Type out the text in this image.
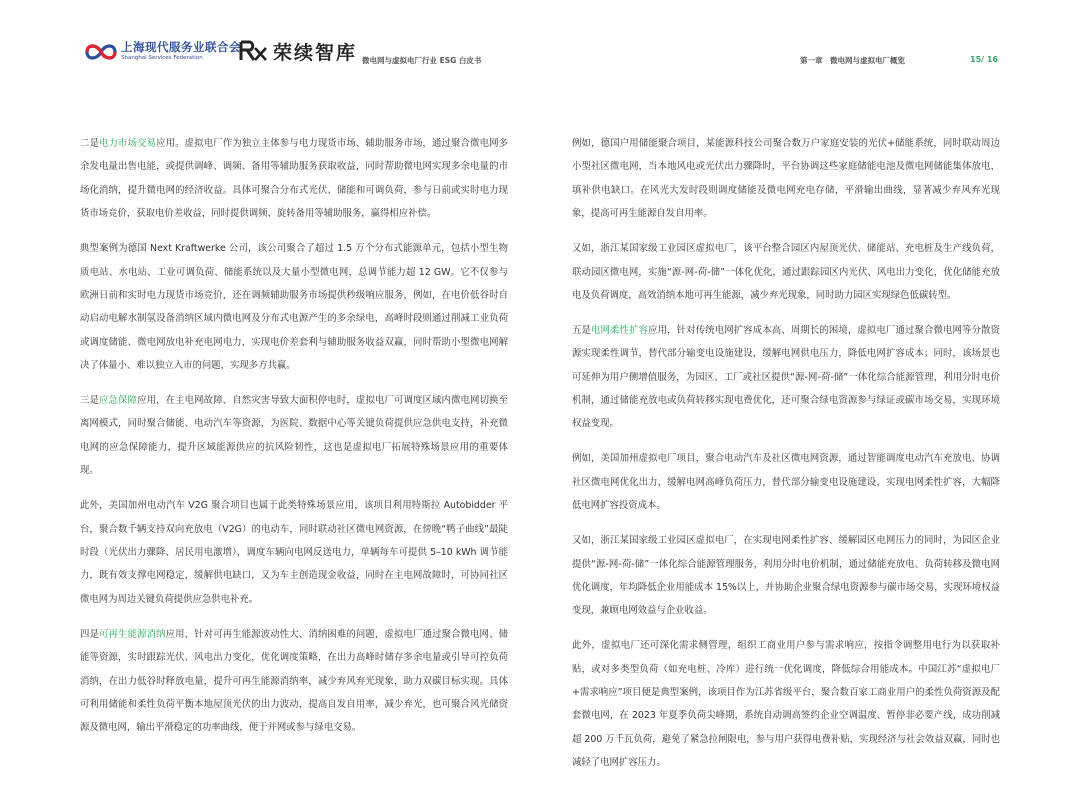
上海现代服务业联合会
Shanghai Services Federation	荣续智库 微电网与虚拟电厂行业 ESG 白皮书	第一章　微电网与虚拟电厂概览	15/ 16

二是电力市场交易应用。虚拟电厂作为独立主体参与电力现货市场、辅助服务市场，通过聚合微电网多余发电量出售电能，或提供调峰、调频、备用等辅助服务获取收益，同时帮助微电网实现多余电量的市场化消纳，提升微电网的经济收益。具体可聚合分布式光伏、储能和可调负荷，参与日前或实时电力现货市场竞价，获取电价差收益，同时提供调频、旋转备用等辅助服务，赢得相应补偿。

典型案例为德国 Next Kraftwerke 公司，该公司聚合了超过 1.5 万个分布式能源单元，包括小型生物质电站、水电站、工业可调负荷、储能系统以及大量小型微电网，总调节能力超 12 GW。它不仅参与欧洲日前和实时电力现货市场竞价，还在调频辅助服务市场提供秒级响应服务，例如，在电价低谷时自动启动电解水制氢设备消纳区域内微电网及分布式电源产生的多余绿电，高峰时段则通过削减工业负荷或调度储能、微电网放电补充电网电力，实现电价差套利与辅助服务收益双赢，同时帮助小型微电网解决了体量小、难以独立入市的问题，实现多方共赢。

三是应急保障应用，在主电网故障、自然灾害导致大面积停电时，虚拟电厂可调度区域内微电网切换至离网模式，同时聚合储能、电动汽车等资源，为医院、数据中心等关键负荷提供应急供电支持，补充微电网的应急保障能力，提升区域能源供应的抗风险韧性，这也是虚拟电厂拓展特殊场景应用的重要体现。

此外，美国加州电动汽车 V2G 聚合项目也属于此类特殊场景应用，该项目利用特斯拉 Autobidder 平台，聚合数千辆支持双向充放电（V2G）的电动车，同时联动社区微电网资源，在傍晚“鸭子曲线”最陡时段（光伏出力骤降、居民用电激增），调度车辆向电网反送电力，单辆每车可提供 5–10 kWh 调节能力，既有效支撑电网稳定，缓解供电缺口，又为车主创造现金收益，同时在主电网故障时，可协同社区微电网为周边关键负荷提供应急供电补充。

四是可再生能源消纳应用，针对可再生能源波动性大、消纳困难的问题，虚拟电厂通过聚合微电网、储能等资源，实时跟踪光伏、风电出力变化，优化调度策略，在出力高峰时储存多余电量或引导可控负荷消纳，在出力低谷时释放电量，提升可再生能源消纳率，减少弃风弃光现象，助力双碳目标实现。具体可利用储能和柔性负荷平衡本地屋顶光伏的出力波动，提高自发自用率，减少弃光，也可聚合风光储资源及微电网，输出平滑稳定的功率曲线，便于并网或参与绿电交易。

例如，德国户用储能聚合项目，某能源科技公司聚合数万户家庭安装的光伏+储能系统，同时联动周边小型社区微电网，当本地风电或光伏出力骤降时，平台协调这些家庭储能电池及微电网储能集体放电，填补供电缺口。在风光大发时段则调度储能及微电网充电存储，平滑输出曲线，显著减少弃风弃光现象，提高可再生能源自发自用率。

又如，浙江某国家级工业园区虚拟电厂，该平台整合园区内屋顶光伏、储能站、充电桩及生产线负荷，联动园区微电网，实施“源-网-荷-储”一体化优化，通过跟踪园区内光伏、风电出力变化，优化储能充放电及负荷调度，高效消纳本地可再生能源，减少弃光现象，同时助力园区实现绿色低碳转型。

五是电网柔性扩容应用，针对传统电网扩容成本高、周期长的困境，虚拟电厂通过聚合微电网等分散资源实现柔性调节，替代部分输变电设施建设，缓解电网供电压力，降低电网扩容成本；同时，该场景也可延伸为用户侧增值服务，为园区、工厂或社区提供“源-网-荷-储”一体化综合能源管理，利用分时电价机制，通过储能充放电或负荷转移实现电费优化，还可聚合绿电资源参与绿证或碳市场交易，实现环境权益变现。

例如，美国加州虚拟电厂项目，聚合电动汽车及社区微电网资源，通过智能调度电动汽车充放电、协调社区微电网优化出力，缓解电网高峰负荷压力，替代部分输变电设施建设，实现电网柔性扩容，大幅降低电网扩容投资成本。

又如，浙江某国家级工业园区虚拟电厂，在实现电网柔性扩容、缓解园区电网压力的同时，为园区企业提供“源-网-荷-储”一体化综合能源管理服务，利用分时电价机制，通过储能充放电、负荷转移及微电网优化调度，年均降低企业用能成本 15%以上，并协助企业聚合绿电资源参与碳市场交易，实现环境权益变现，兼顾电网效益与企业收益。

此外，虚拟电厂还可深化需求侧管理，组织工商业用户参与需求响应，按指令调整用电行为以获取补贴，或对多类型负荷（如充电桩、冷库）进行统一优化调度，降低综合用能成本。中国江苏“虚拟电厂+需求响应”项目便是典型案例，该项目作为江苏省级平台，聚合数百家工商业用户的柔性负荷资源及配套微电网，在 2023 年夏季负荷尖峰期，系统自动调高签约企业空调温度、暂停非必要产线，成功削减超 200 万千瓦负荷，避免了紧急拉闸限电，参与用户获得电费补贴，实现经济与社会效益双赢，同时也减轻了电网扩容压力。
